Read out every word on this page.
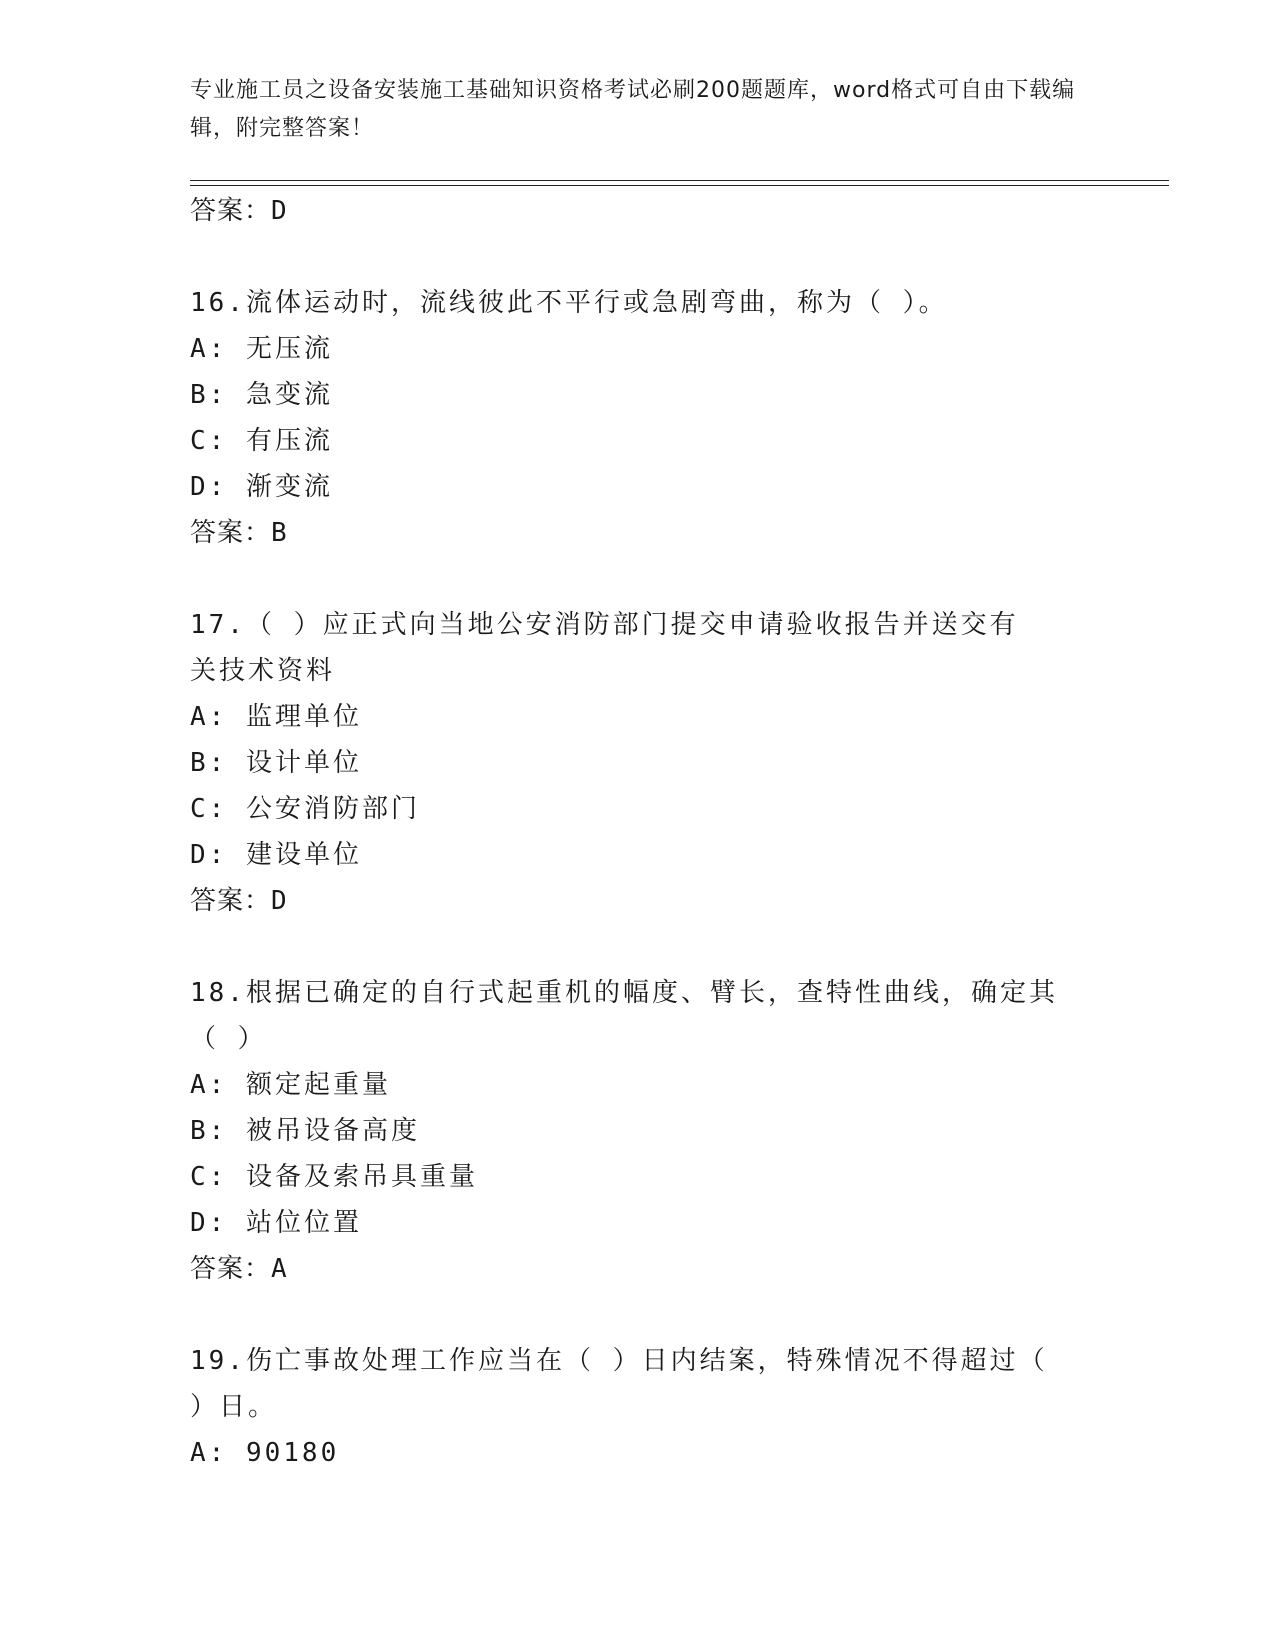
专业施工员之设备安装施工基础知识资格考试必刷200题题库，word格式可自由下载编辑，附完整答案！
答案：D
16.流体运动时，流线彼此不平行或急剧弯曲，称为（ ）。
A: 无压流
B: 急变流
C: 有压流
D: 渐变流
答案：B
17.（ ）应正式向当地公安消防部门提交申请验收报告并送交有关技术资料
A: 监理单位
B: 设计单位
C: 公安消防部门
D: 建设单位
答案：D
18.根据已确定的自行式起重机的幅度、臂长，查特性曲线，确定其（ ）
A: 额定起重量
B: 被吊设备高度
C: 设备及索吊具重量
D: 站位位置
答案：A
19.伤亡事故处理工作应当在（ ）日内结案，特殊情况不得超过（ ）日。
A: 90180
